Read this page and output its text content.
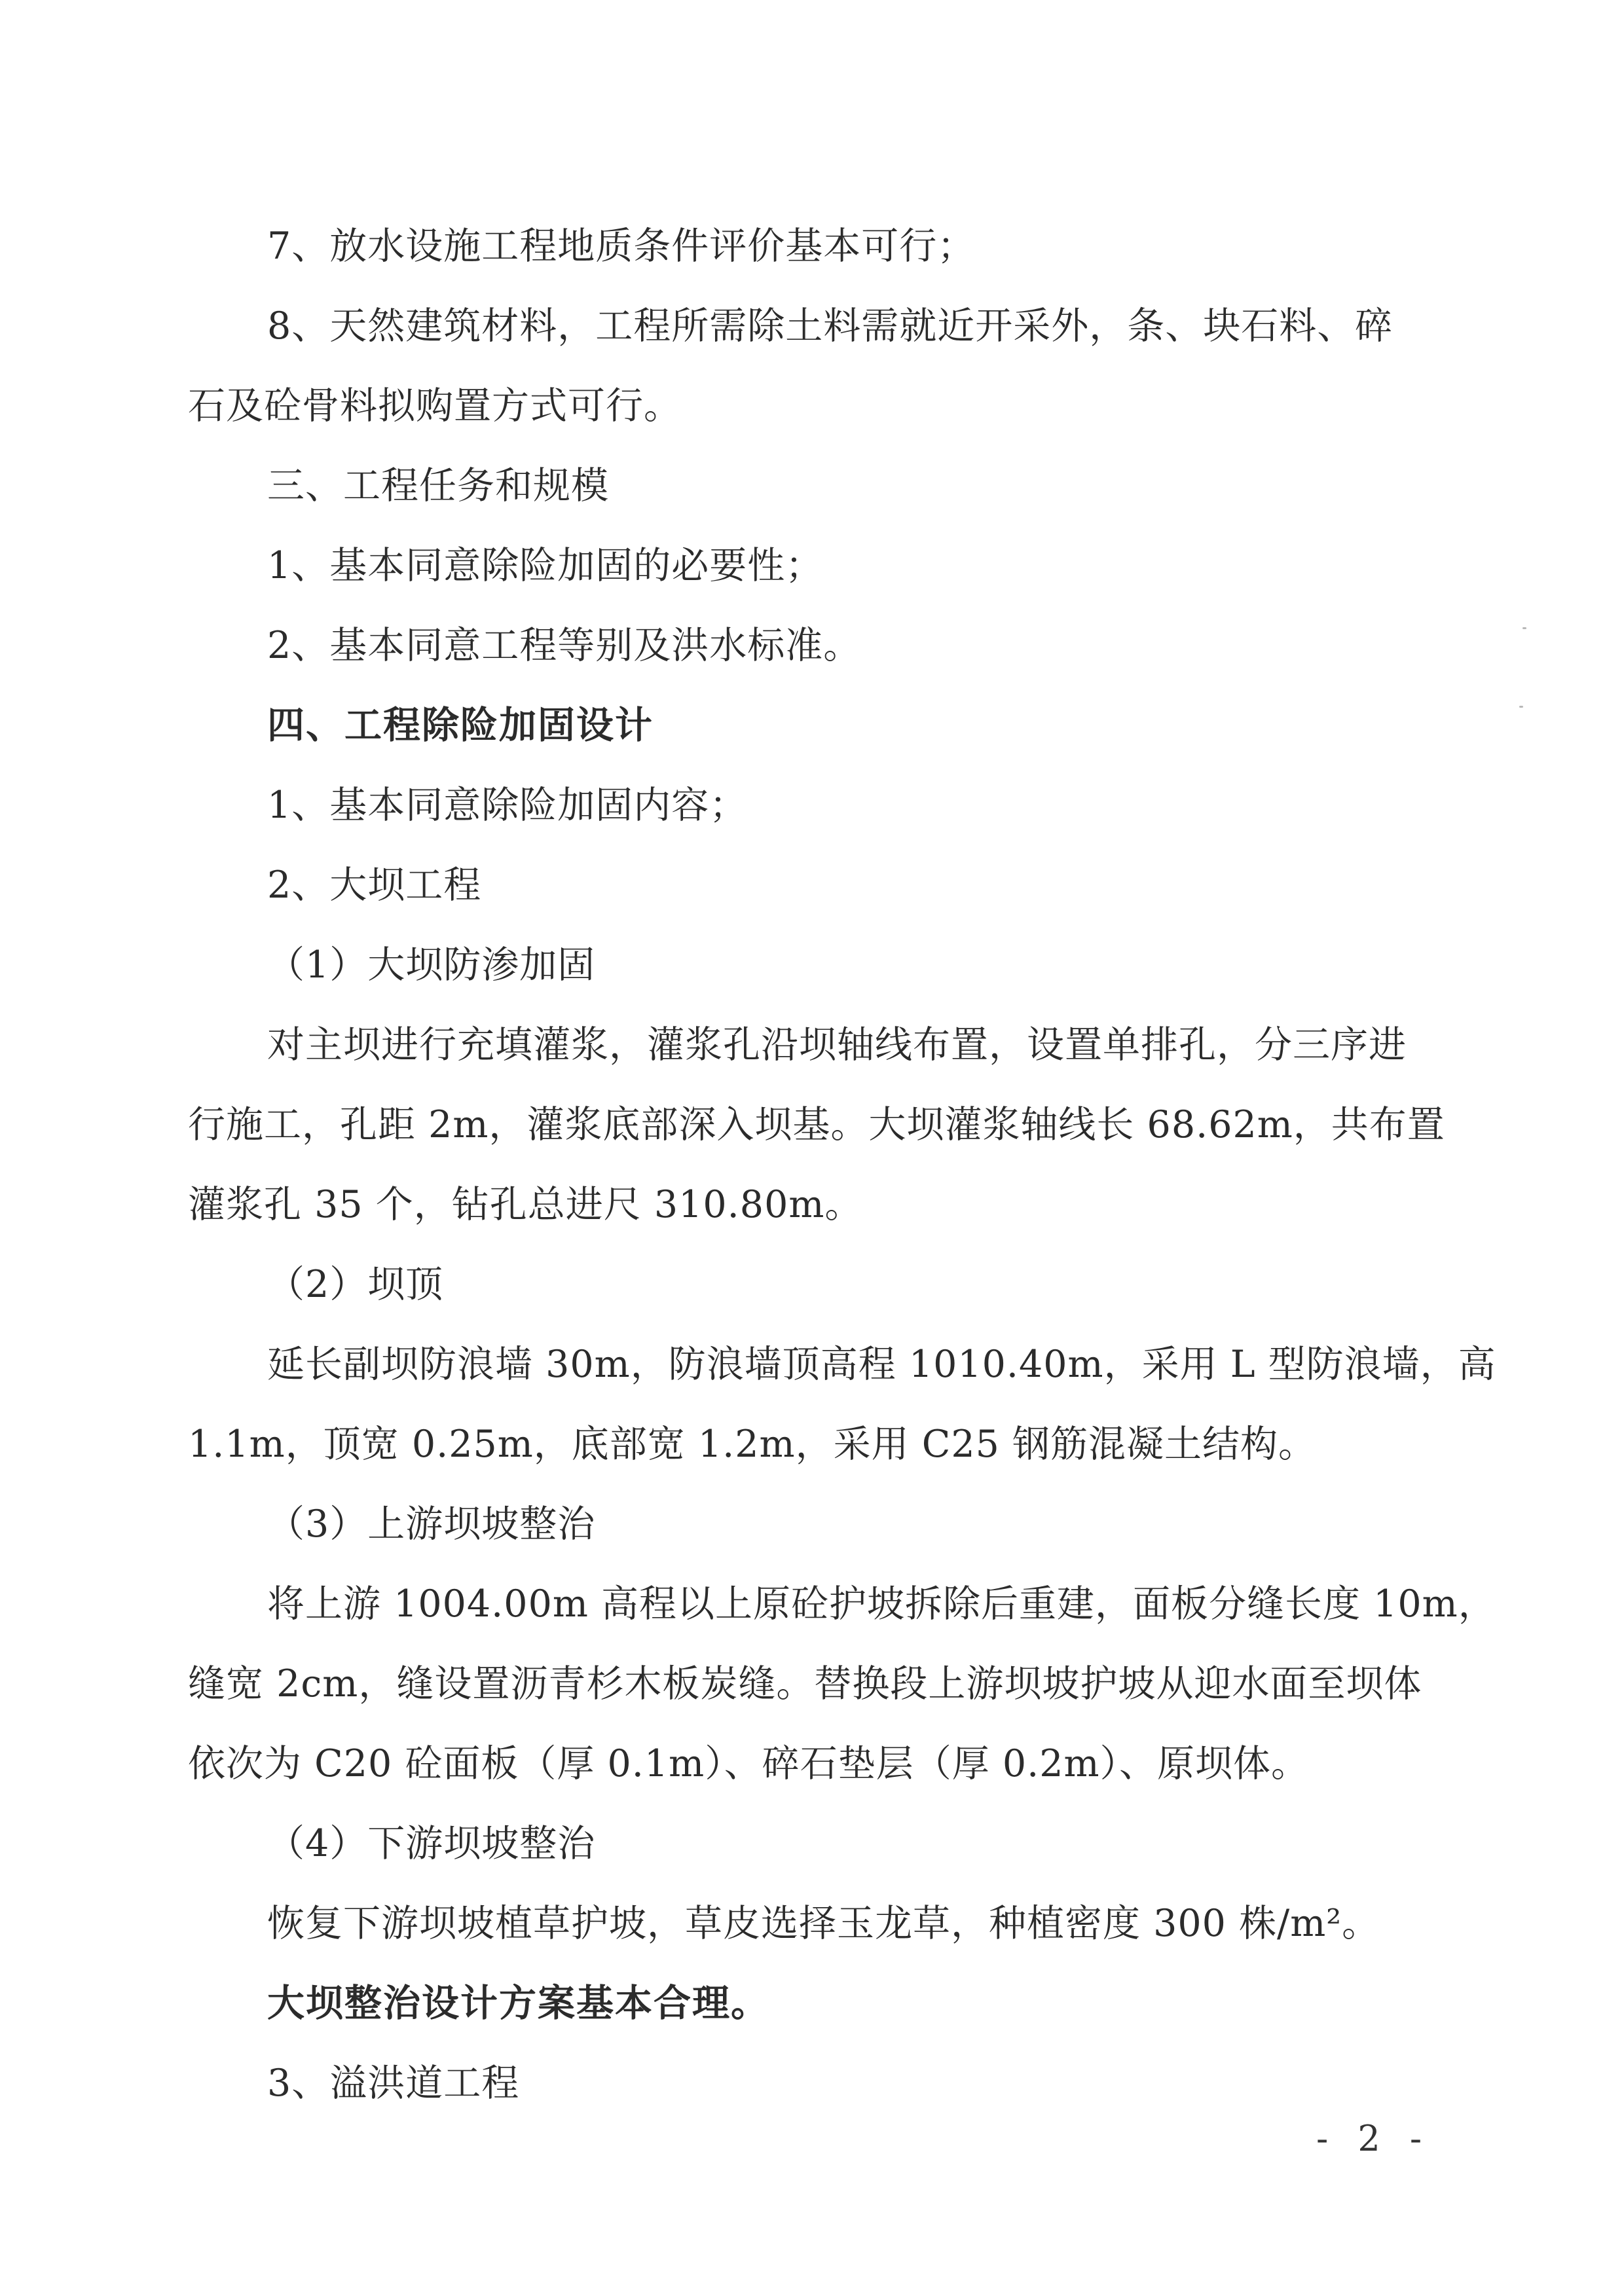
7、放水设施工程地质条件评价基本可行；
8、天然建筑材料，工程所需除土料需就近开采外，条、块石料、碎
石及砼骨料拟购置方式可行。
三、工程任务和规模
1、基本同意除险加固的必要性；
2、基本同意工程等别及洪水标准。
四、工程除险加固设计
1、基本同意除险加固内容；
2、大坝工程
（1）大坝防渗加固
对主坝进行充填灌浆，灌浆孔沿坝轴线布置，设置单排孔，分三序进
行施工，孔距 2m，灌浆底部深入坝基。大坝灌浆轴线长 68.62m，共布置
灌浆孔 35 个，钻孔总进尺 310.80m。
（2）坝顶
延长副坝防浪墙 30m，防浪墙顶高程 1010.40m，采用 L 型防浪墙，高
1.1m，顶宽 0.25m，底部宽 1.2m，采用 C25 钢筋混凝土结构。
（3）上游坝坡整治
将上游 1004.00m 高程以上原砼护坡拆除后重建，面板分缝长度 10m，
缝宽 2cm，缝设置沥青杉木板炭缝。替换段上游坝坡护坡从迎水面至坝体
依次为 C20 砼面板（厚 0.1m）、碎石垫层（厚 0.2m）、原坝体。
（4）下游坝坡整治
恢复下游坝坡植草护坡，草皮选择玉龙草，种植密度 300 株/m²。
大坝整治设计方案基本合理。
3、溢洪道工程
- 2 -
